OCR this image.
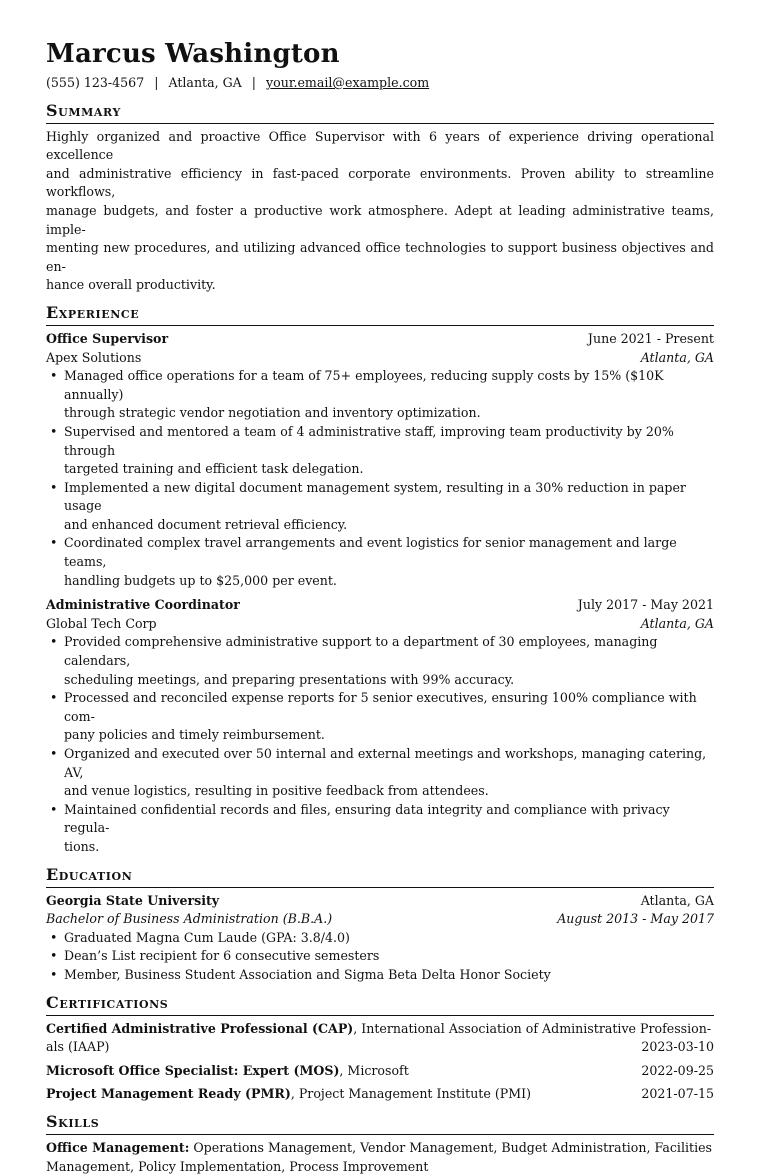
Marcus Washington
(555) 123-4567 | Atlanta, GA | your.email@example.com
Summary
Highly organized and proactive Office Supervisor with 6 years of experience driving operational excellence
and administrative efficiency in fast-paced corporate environments. Proven ability to streamline workflows,
manage budgets, and foster a productive work atmosphere. Adept at leading administrative teams, imple-
menting new procedures, and utilizing advanced office technologies to support business objectives and en-
hance overall productivity.
Experience
Office Supervisor	June 2021 - Present
Apex Solutions	Atlanta, GA
• Managed office operations for a team of 75+ employees, reducing supply costs by 15% ($10K annually)
through strategic vendor negotiation and inventory optimization.
• Supervised and mentored a team of 4 administrative staff, improving team productivity by 20% through
targeted training and efficient task delegation.
• Implemented a new digital document management system, resulting in a 30% reduction in paper usage
and enhanced document retrieval efficiency.
• Coordinated complex travel arrangements and event logistics for senior management and large teams,
handling budgets up to $25,000 per event.
Administrative Coordinator	July 2017 - May 2021
Global Tech Corp	Atlanta, GA
• Provided comprehensive administrative support to a department of 30 employees, managing calendars,
scheduling meetings, and preparing presentations with 99% accuracy.
• Processed and reconciled expense reports for 5 senior executives, ensuring 100% compliance with com-
pany policies and timely reimbursement.
• Organized and executed over 50 internal and external meetings and workshops, managing catering, AV,
and venue logistics, resulting in positive feedback from attendees.
• Maintained confidential records and files, ensuring data integrity and compliance with privacy regula-
tions.
Education
Georgia State University	Atlanta, GA
Bachelor of Business Administration (B.B.A.)	August 2013 - May 2017
• Graduated Magna Cum Laude (GPA: 3.8/4.0)
• Dean’s List recipient for 6 consecutive semesters
• Member, Business Student Association and Sigma Beta Delta Honor Society
Certifications
Certified Administrative Professional (CAP), International Association of Administrative Profession-
als (IAAP)	2023-03-10
Microsoft Office Specialist: Expert (MOS), Microsoft	2022-09-25
Project Management Ready (PMR), Project Management Institute (PMI)	2021-07-15
Skills
Office Management: Operations Management, Vendor Management, Budget Administration, Facilities
Management, Policy Implementation, Process Improvement
